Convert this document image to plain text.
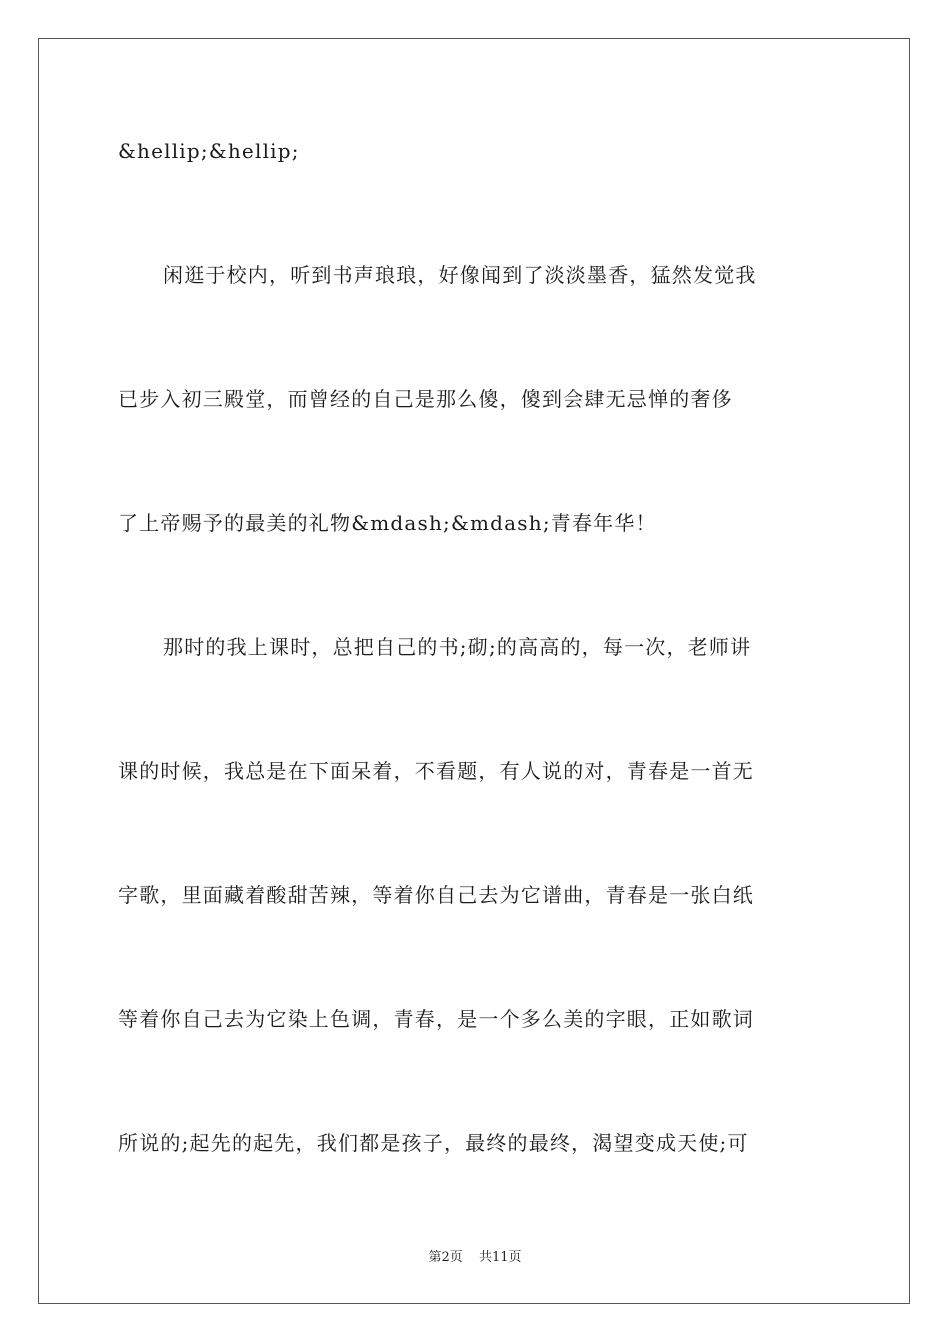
&hellip;&hellip;
闲逛于校内，听到书声琅琅，好像闻到了淡淡墨香，猛然发觉我
已步入初三殿堂，而曾经的自己是那么傻，傻到会肆无忌惮的奢侈
了上帝赐予的最美的礼物&mdash;&mdash;青春年华！
那时的我上课时，总把自己的书;砌;的高高的，每一次，老师讲
课的时候，我总是在下面呆着，不看题，有人说的对，青春是一首无
字歌，里面藏着酸甜苦辣，等着你自己去为它谱曲，青春是一张白纸
等着你自己去为它染上色调，青春，是一个多么美的字眼，正如歌词
所说的;起先的起先，我们都是孩子，最终的最终，渴望变成天使;可
第2页 共11页
